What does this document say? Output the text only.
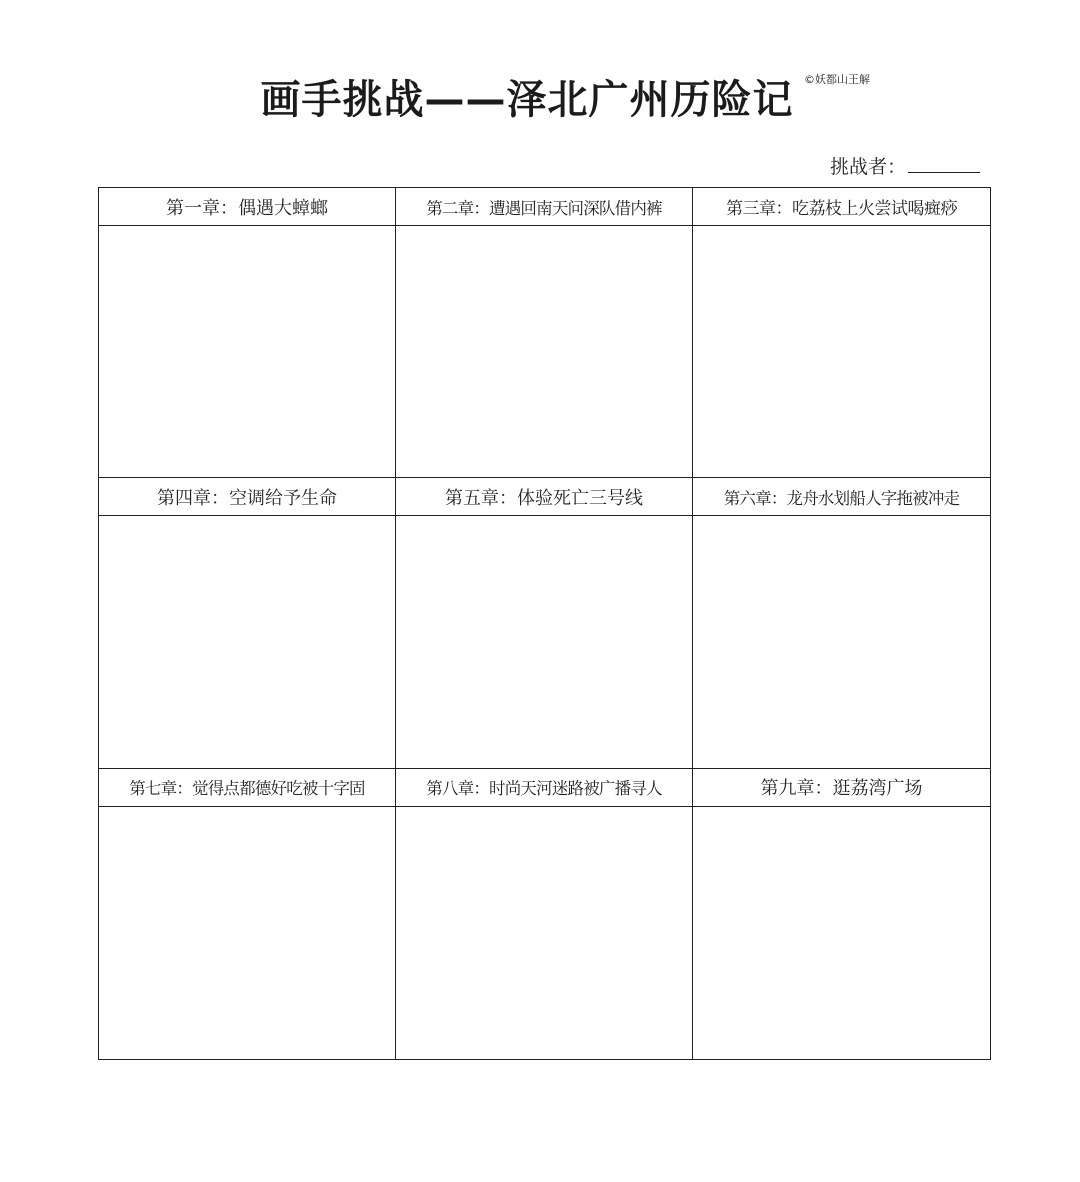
画手挑战——泽北广州历险记 ©妖都山王解
挑战者：
第一章：偶遇大蟑螂	第二章：遭遇回南天问深队借内裤	第三章：吃荔枝上火尝试喝癍痧
第四章：空调给予生命	第五章：体验死亡三号线	第六章：龙舟水划船人字拖被冲走
第七章：觉得点都德好吃被十字固	第八章：时尚天河迷路被广播寻人	第九章：逛荔湾广场
